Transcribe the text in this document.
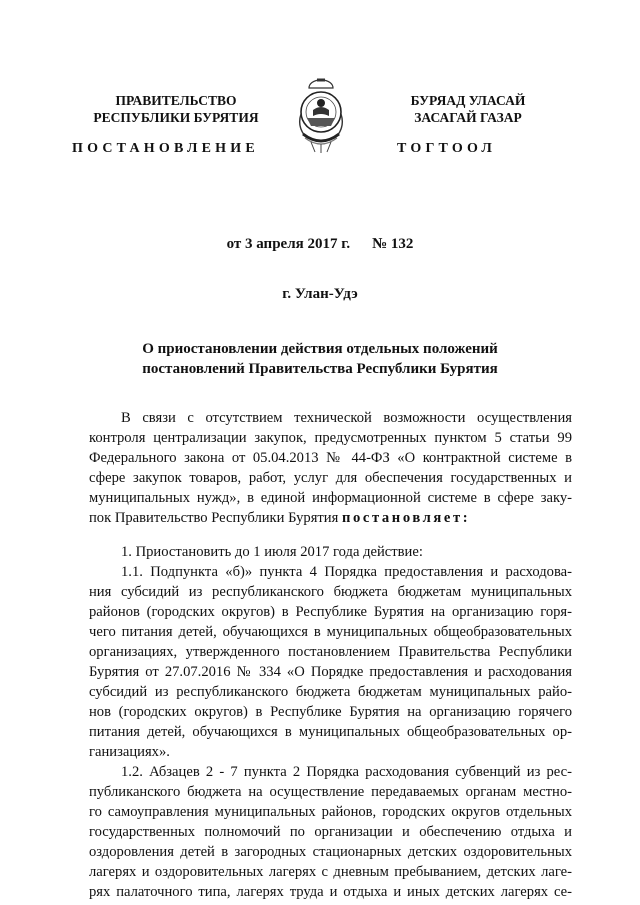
ПРАВИТЕЛЬСТВО
РЕСПУБЛИКИ БУРЯТИЯ
ПОСТАНОВЛЕНИЕ
БУРЯАД УЛАСАЙ
ЗАСАГАЙ ГАЗАР
ТОГТООЛ
от 3 апреля 2017 г. № 132
г. Улан-Удэ
О приостановлении действия отдельных положений
постановлений Правительства Республики Бурятия
В связи с отсутствием технической возможности осуществления
контроля централизации закупок, предусмотренных пунктом 5 статьи 99
Федерального закона от 05.04.2013 № 44-ФЗ «О контрактной системе в
сфере закупок товаров, работ, услуг для обеспечения государственных и
муниципальных нужд», в единой информационной системе в сфере заку-
пок Правительство Республики Бурятия постановляет:
1. Приостановить до 1 июля 2017 года действие:
1.1. Подпункта «б)» пункта 4 Порядка предоставления и расходова-
ния субсидий из республиканского бюджета бюджетам муниципальных
районов (городских округов) в Республике Бурятия на организацию горя-
чего питания детей, обучающихся в муниципальных общеобразовательных
организациях, утвержденного постановлением Правительства Республики
Бурятия от 27.07.2016 № 334 «О Порядке предоставления и расходования
субсидий из республиканского бюджета бюджетам муниципальных райо-
нов (городских округов) в Республике Бурятия на организацию горячего
питания детей, обучающихся в муниципальных общеобразовательных ор-
ганизациях».
1.2. Абзацев 2 - 7 пункта 2 Порядка расходования субвенций из рес-
публиканского бюджета на осуществление передаваемых органам местно-
го самоуправления муниципальных районов, городских округов отдельных
государственных полномочий по организации и обеспечению отдыха и
оздоровления детей в загородных стационарных детских оздоровительных
лагерях и оздоровительных лагерях с дневным пребыванием, детских лаге-
рях палаточного типа, лагерях труда и отдыха и иных детских лагерях се-
